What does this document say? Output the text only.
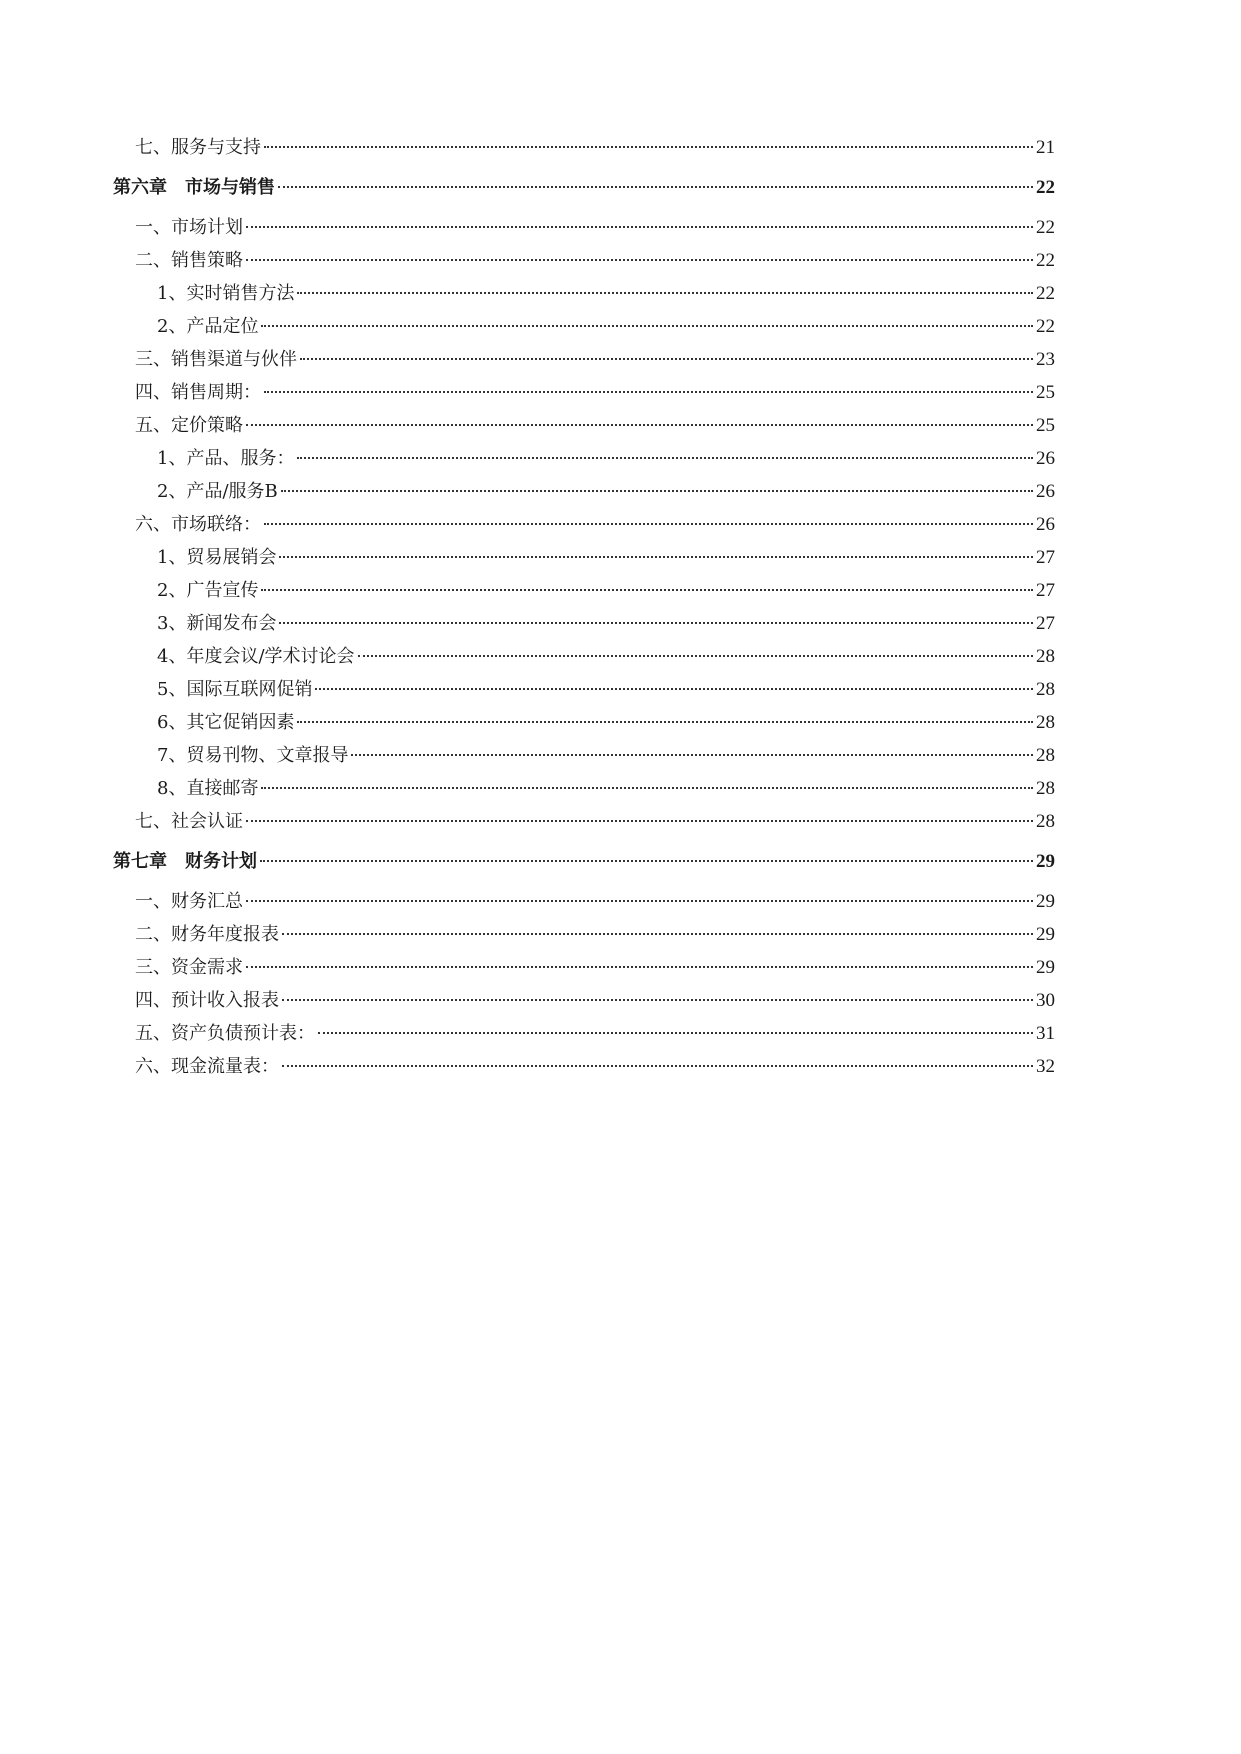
七、服务与支持	21
第六章　市场与销售	22
一、市场计划	22
二、销售策略	22
1、实时销售方法	22
2、产品定位	22
三、销售渠道与伙伴	23
四、销售周期：	25
五、定价策略	25
1、产品、服务：	26
2、产品/服务B	26
六、市场联络：	26
1、贸易展销会	27
2、广告宣传	27
3、新闻发布会	27
4、年度会议/学术讨论会	28
5、国际互联网促销	28
6、其它促销因素	28
7、贸易刊物、文章报导	28
8、直接邮寄	28
七、社会认证	28
第七章　财务计划	29
一、财务汇总	29
二、财务年度报表	29
三、资金需求	29
四、预计收入报表	30
五、资产负债预计表：	31
六、现金流量表：	32
